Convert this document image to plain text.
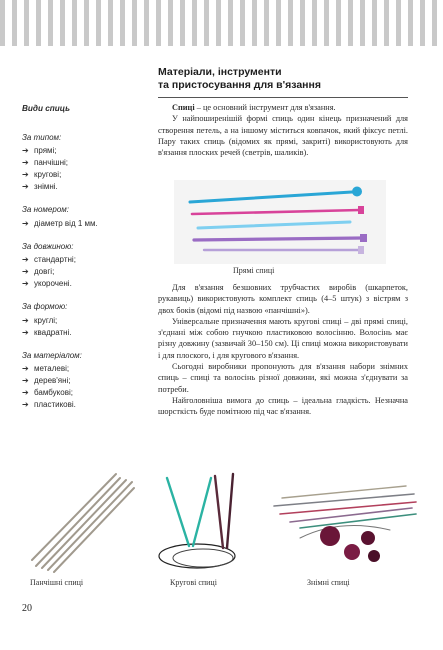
Матеріали, інструменти
та пристосування для в'язання
Види спиць
За типом:
➔ прямі;
➔ панчішні;
➔ кругові;
➔ знімні.
За номером:
➔ діаметр від 1 мм.
За довжиною:
➔ стандартні;
➔ довгі;
➔ укорочені.
За формою:
➔ круглі;
➔ квадратні.
За матеріалом:
➔ металеві;
➔ дерев'яні;
➔ бамбукові;
➔ пластикові.

Спиці – це основний інструмент для в'язання.

У найпоширенішій формі спиць один кінець призначений для створення петель, а на іншому міститься ковпачок, який фіксує петлі. Пару таких спиць (відомих як прямі, закриті) використовують для в'язання плоских речей (светрів, шаликів).

Прямі спиці

Для в'язання безшовних трубчастих виробів (шкарпеток, рукавиць) використовують комплект спиць (4–5 штук) з вістрям з двох боків (відомі під назвою «панчішні»).

Універсальне призначення мають кругові спиці – дві прямі спиці, з'єднані між собою гнучкою пластиковою волосінню. Волосінь має різну довжину (зазвичай 30–150 см). Ці спиці можна використовувати і для плоского, і для кругового в'язання.

Сьогодні виробники пропонують для в'язання набори знімних спиць – спиці та волосінь різної довжини, які можна з'єднувати за потреби.

Найголовніша вимога до спиць – ідеальна гладкість. Незначна шорсткість буде помітною під час в'язання.

Панчішні спиці	Кругові спиці	Знімні спиці
20
